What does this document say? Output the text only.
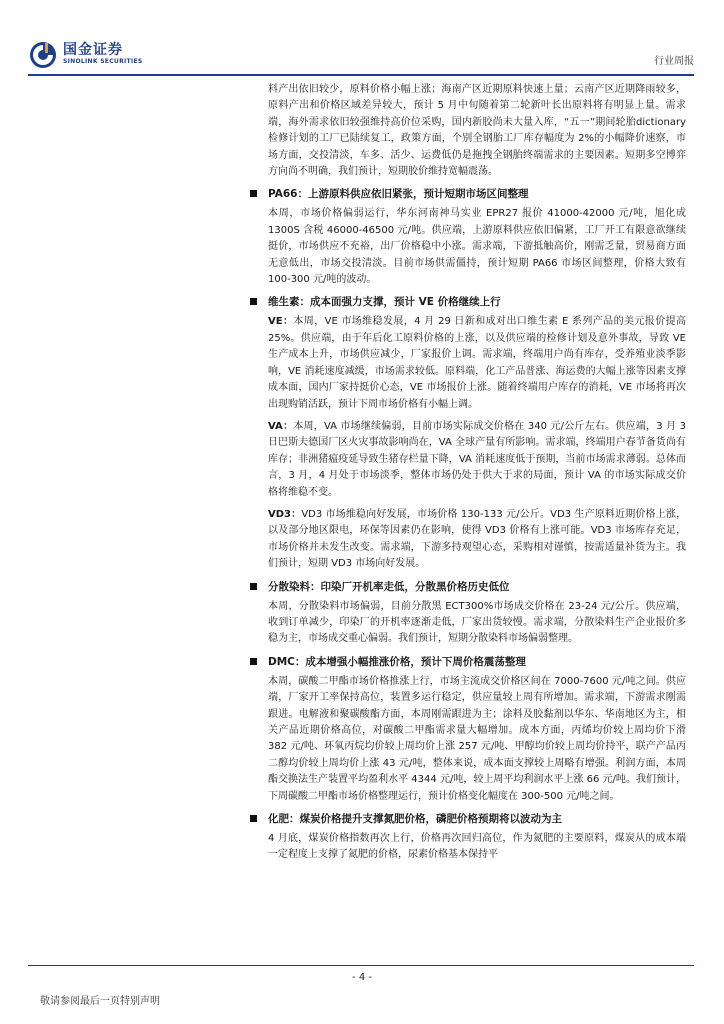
国金证券
SINOLINK SECURITIES	行业周报

料产出依旧较少，原料价格小幅上涨；海南产区近期原料快速上量；云南产区近期降雨较多，原料产出和价格区域差异较大，预计 5 月中旬随着第二轮新叶长出原料将有明显上量。需求端，海外需求依旧较强维持高价位采购，国内新胶尚未大量入库，“五一”期间轮胎dictionary检修计划的工厂已陆续复工，政策方面，个别全钢胎工厂库存幅度为 2%的小幅降价速察，市场方面，交投清淡，车多、活少、运费低仍是拖拽全钢胎终端需求的主要因素。短期多空博弈方向尚不明确，我们预计，短期胶价维持宽幅震荡。

PA66：上游原料供应依旧紧张，预计短期市场区间整理

本周，市场价格偏弱运行，华东河南神马实业 EPR27 报价 41000-42000 元/吨，旭化成 1300S 含税 46000-46500 元/吨。供应端，上游原料供应依旧偏紧，工厂开工有限意欲继续挺价，市场供应不充裕，出厂价格稳中小涨。需求端，下游抵触高价，刚需乏量，贸易商方面无意低出，市场交投清淡。目前市场供需僵持，预计短期 PA66 市场区间整理，价格大致有 100-300 元/吨的波动。

维生素：成本面强力支撑，预计 VE 价格继续上行

VE：本周，VE 市场维稳发展，4 月 29 日新和成对出口维生素 E 系列产品的美元报价提高 25%。供应端，由于年后化工原料价格的上涨，以及供应端的检修计划及意外事故，导致 VE 生产成本上升，市场供应减少，厂家报价上调。需求端，终端用户尚有库存，受养殖业淡季影响，VE 消耗速度减缓，市场需求较低。原料端，化工产品普涨、海运费的大幅上涨等因素支撑成本面，国内厂家持挺价心态，VE 市场报价上涨。随着终端用户库存的消耗，VE 市场将再次出现购销活跃，预计下周市场价格有小幅上调。

VA：本周，VA 市场继续偏弱，目前市场实际成交价格在 340 元/公斤左右。供应端，3 月 3 日巴斯夫德国厂区火灾事故影响尚在，VA 全球产量有所影响。需求端，终端用户春节备货尚有库存；非洲猪瘟疫延导致生猪存栏量下降，VA 消耗速度低于预期，当前市场需求薄弱。总体而言，3 月，4 月处于市场淡季，整体市场仍处于供大于求的局面，预计 VA 的市场实际成交价格将维稳不变。

VD3：VD3 市场维稳向好发展，市场价格 130-133 元/公斤。VD3 生产原料近期价格上涨，以及部分地区限电，环保等因素仍在影响，使得 VD3 价格有上涨可能。VD3 市场库存充足，市场价格并未发生改变。需求端，下游多持观望心态，采购相对谨慎，按需适量补货为主。我们预计，短期 VD3 市场向好发展。

分散染料：印染厂开机率走低，分散黑价格历史低位

本周，分散染料市场偏弱，目前分散黑 ECT300%市场成交价格在 23-24 元/公斤。供应端，收到订单减少，印染厂的开机率逐渐走低，厂家出货较慢。需求端，分散染料生产企业报价多稳为主，市场成交重心偏弱。我们预计，短期分散染料市场偏弱整理。

DMC：成本增强小幅推涨价格，预计下周价格震荡整理

本周，碳酸二甲酯市场价格推涨上行，市场主流成交价格区间在 7000-7600 元/吨之间。供应端，厂家开工率保持高位，装置多运行稳定，供应量较上周有所增加。需求端，下游需求刚需跟进。电解液和聚碳酸酯方面，本周刚需跟进为主；涂料及胶黏剂以华东、华南地区为主，相关产品近期价格高位，对碳酸二甲酯需求量大幅增加。成本方面，丙烯均价较上周均价下滑 382 元/吨、环氧丙烷均价较上周均价上涨 257 元/吨、甲醇均价较上周均价持平，联产产品丙二醇均价较上周均价上涨 43 元/吨，整体来说，成本面支撑较上周略有增强。利润方面，本周酯交换法生产装置平均盈利水平 4344 元/吨，较上周平均利润水平上涨 66 元/吨。我们预计，下周碳酸二甲酯市场价格整理运行，预计价格变化幅度在 300-500 元/吨之间。

化肥：煤炭价格提升支撑氮肥价格，磷肥价格预期将以波动为主

4 月底，煤炭价格指数再次上行，价格再次回归高位，作为氮肥的主要原料，煤炭从的成本端一定程度上支撑了氮肥的价格，尿素价格基本保持平

- 4 -
敬请参阅最后一页特别声明
